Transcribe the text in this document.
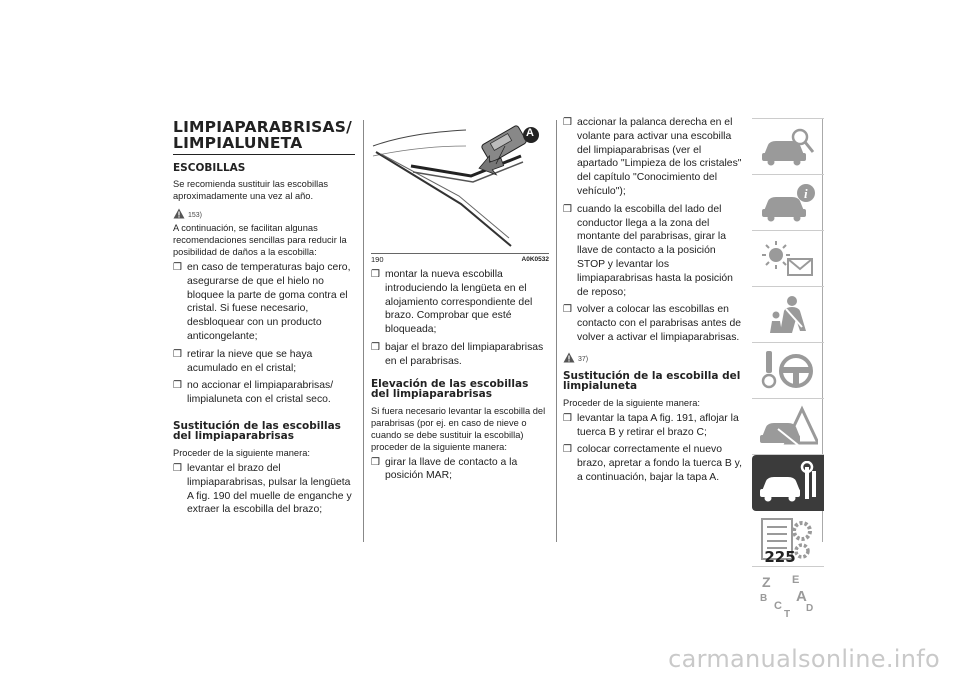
LIMPIAPARABRISAS/
LIMPIALUNETA
ESCOBILLAS

Se recomienda sustituir las escobillas aproximadamente una vez al año.

153)

A continuación, se facilitan algunas recomendaciones sencillas para reducir la posibilidad de daños a la escobilla:

❒ en caso de temperaturas bajo cero, asegurarse de que el hielo no bloquee la parte de goma contra el cristal. Si fuese necesario, desbloquear con un producto anticongelante;
❒ retirar la nieve que se haya acumulado en el cristal;
❒ no accionar el limpiaparabrisas/ limpialuneta con el cristal seco.
Sustitución de las escobillas del limpiaparabrisas

Proceder de la siguiente manera:

❒ levantar el brazo del limpiaparabrisas, pulsar la lengüeta A fig. 190 del muelle de enganche y extraer la escobilla del brazo;
A
190	A0K0532
❒ montar la nueva escobilla introduciendo la lengüeta en el alojamiento correspondiente del brazo. Comprobar que esté bloqueada;
❒ bajar el brazo del limpiaparabrisas en el parabrisas.
Elevación de las escobillas del limpiaparabrisas

Si fuera necesario levantar la escobilla del parabrisas (por ej. en caso de nieve o cuando se debe sustituir la escobilla) proceder de la siguiente manera:

❒ girar la llave de contacto a la posición MAR;
❒ accionar la palanca derecha en el volante para activar una escobilla del limpiaparabrisas (ver el apartado "Limpieza de los cristales" del capítulo "Conocimiento del vehículo");
❒ cuando la escobilla del lado del conductor llega a la zona del montante del parabrisas, girar la llave de contacto a la posición STOP y levantar los limpiaparabrisas hasta la posición de reposo;
❒ volver a colocar las escobillas en contacto con el parabrisas antes de volver a activar el limpiaparabrisas.
37)
Sustitución de la escobilla del limpialuneta

Proceder de la siguiente manera:

❒ levantar la tapa A fig. 191, aflojar la tuerca B y retirar el brazo C;
❒ colocar correctamente el nuevo brazo, apretar a fondo la tuerca B y, a continuación, bajar la tapa A.
i
Z E
B A
C D
T
225
carmanualsonline.info
